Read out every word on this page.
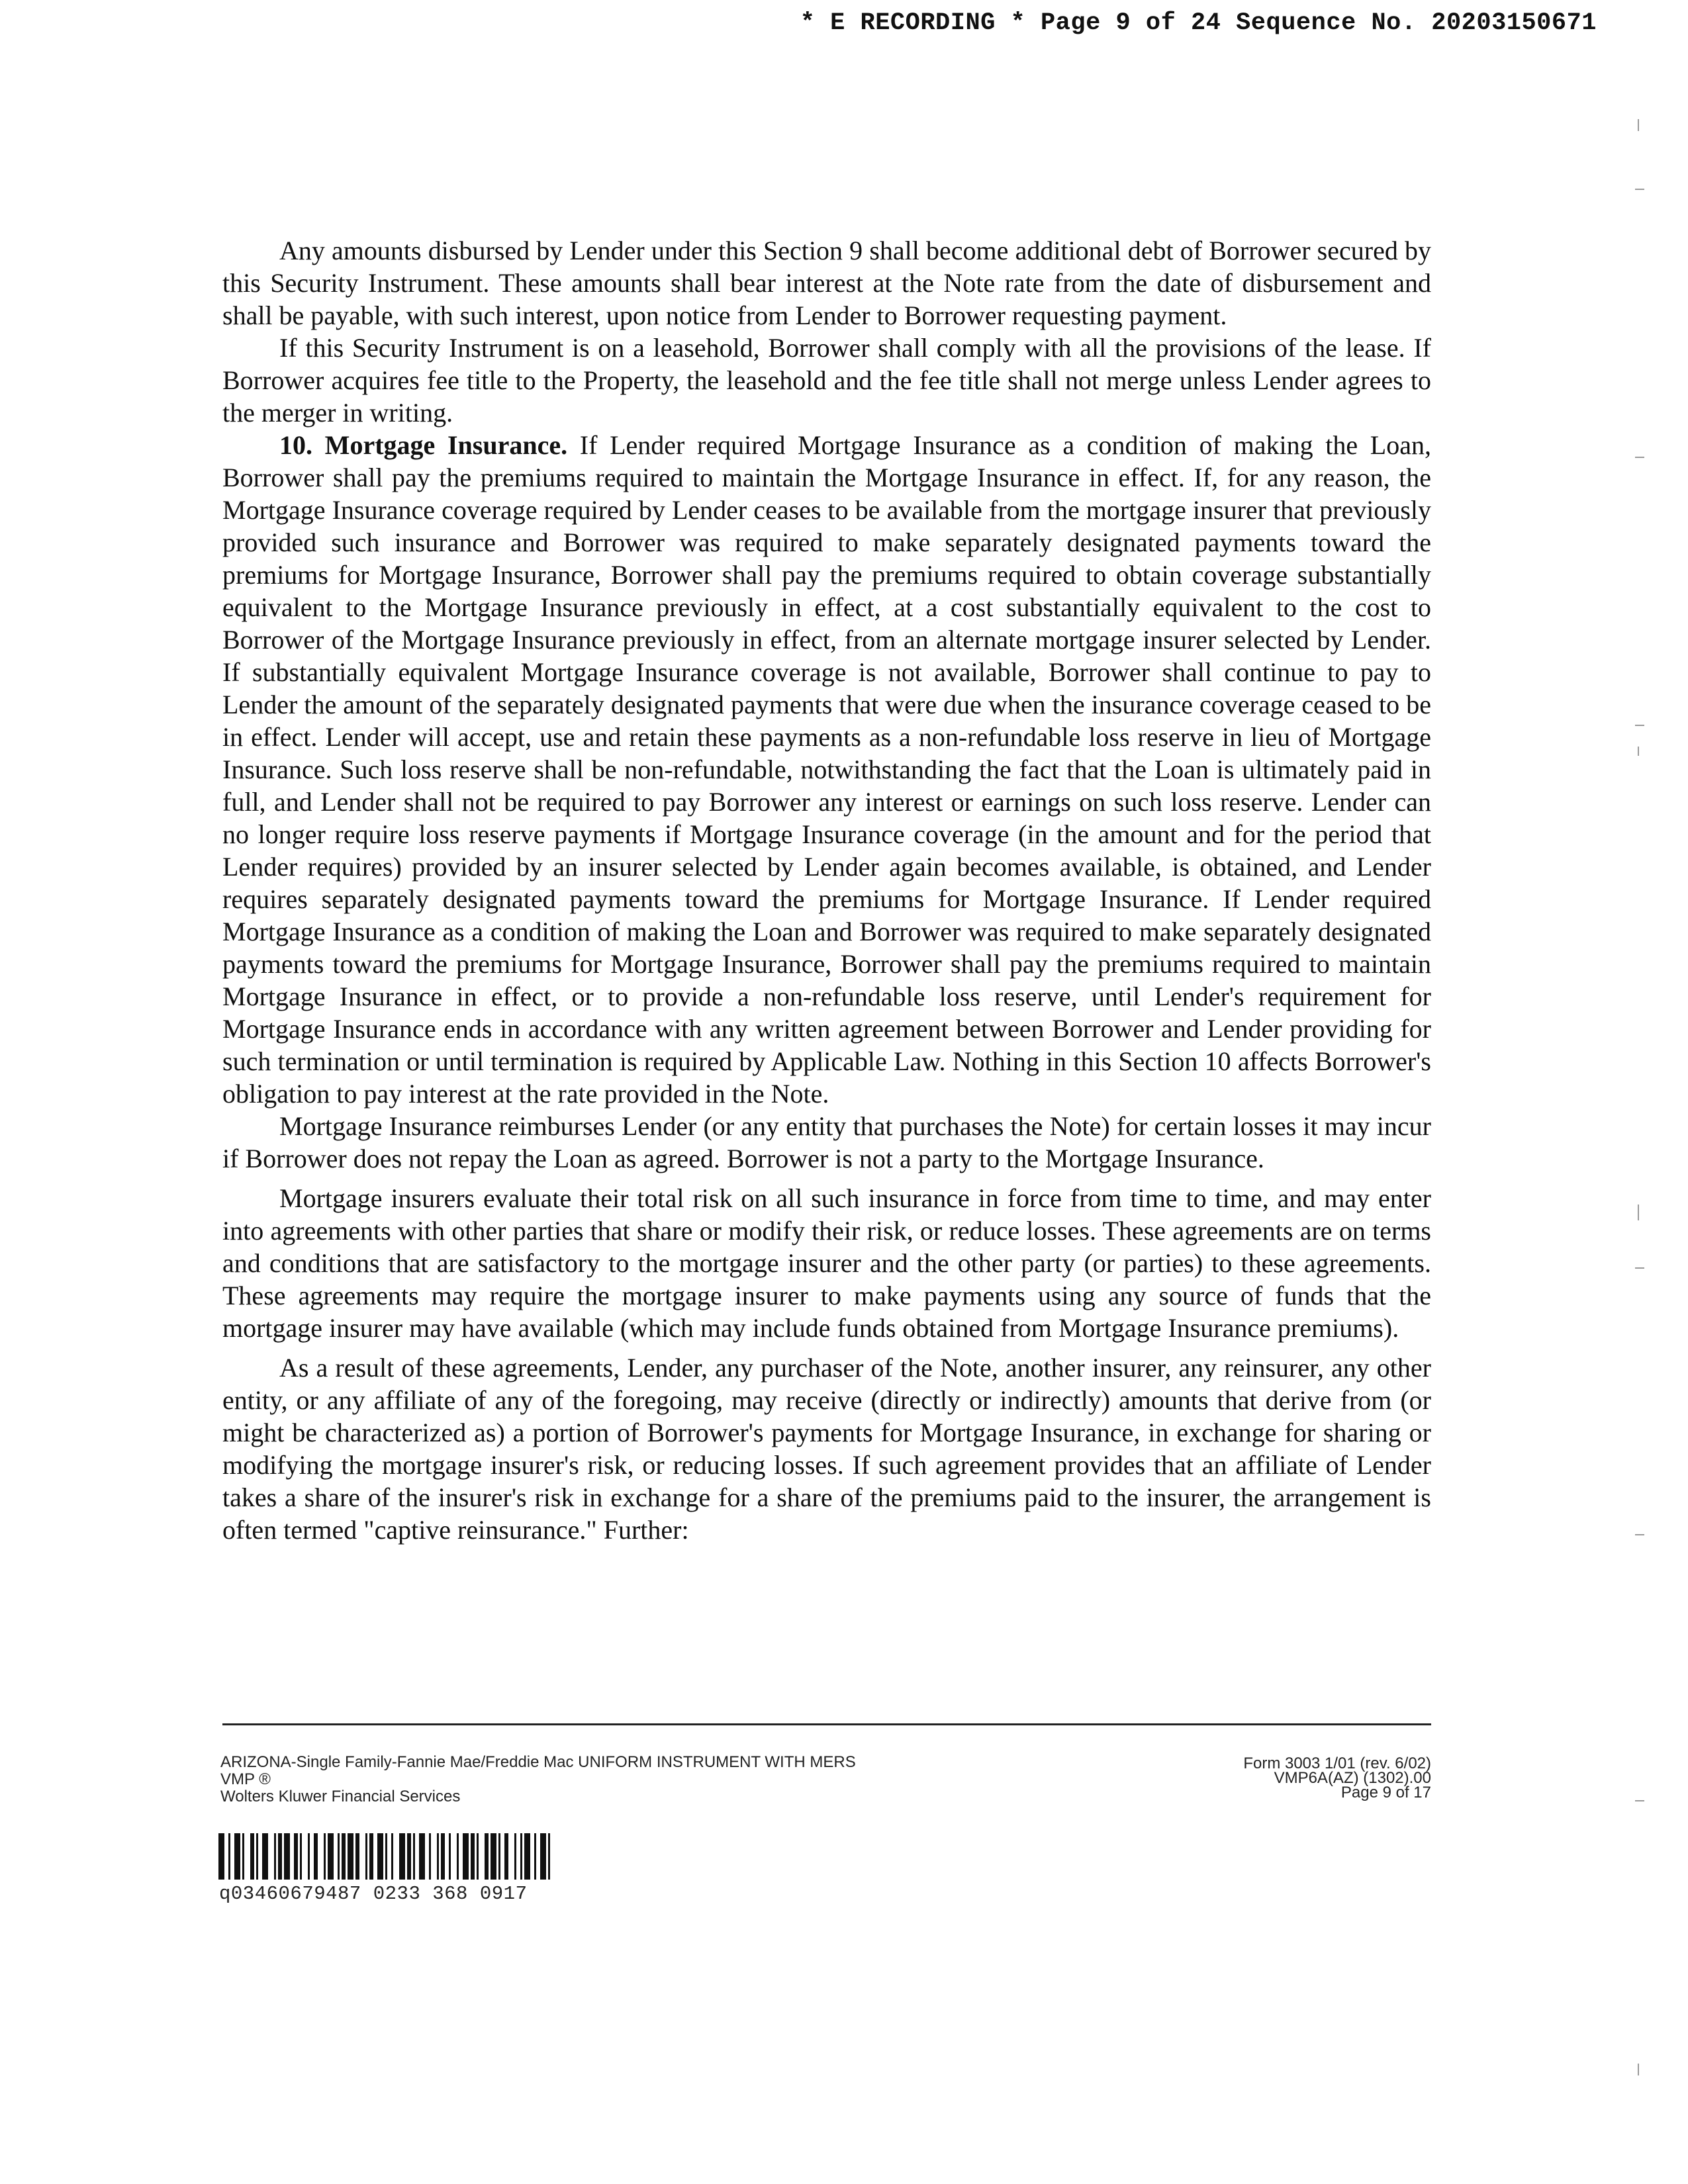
* E RECORDING * Page 9 of 24 Sequence No. 20203150671

Any amounts disbursed by Lender under this Section 9 shall become additional debt of Borrower secured by this Security Instrument. These amounts shall bear interest at the Note rate from the date of disbursement and shall be payable, with such interest, upon notice from Lender to Borrower requesting payment.

If this Security Instrument is on a leasehold, Borrower shall comply with all the provisions of the lease. If Borrower acquires fee title to the Property, the leasehold and the fee title shall not merge unless Lender agrees to the merger in writing.

10. Mortgage Insurance. If Lender required Mortgage Insurance as a condition of making the Loan, Borrower shall pay the premiums required to maintain the Mortgage Insurance in effect. If, for any reason, the Mortgage Insurance coverage required by Lender ceases to be available from the mortgage insurer that previously provided such insurance and Borrower was required to make separately designated payments toward the premiums for Mortgage Insurance, Borrower shall pay the premiums required to obtain coverage substantially equivalent to the Mortgage Insurance previously in effect, at a cost substantially equivalent to the cost to Borrower of the Mortgage Insurance previously in effect, from an alternate mortgage insurer selected by Lender. If substantially equivalent Mortgage Insurance coverage is not available, Borrower shall continue to pay to Lender the amount of the separately designated payments that were due when the insurance coverage ceased to be in effect. Lender will accept, use and retain these payments as a non-refundable loss reserve in lieu of Mortgage Insurance. Such loss reserve shall be non-refundable, notwithstanding the fact that the Loan is ultimately paid in full, and Lender shall not be required to pay Borrower any interest or earnings on such loss reserve. Lender can no longer require loss reserve payments if Mortgage Insurance coverage (in the amount and for the period that Lender requires) provided by an insurer selected by Lender again becomes available, is obtained, and Lender requires separately designated payments toward the premiums for Mortgage Insurance. If Lender required Mortgage Insurance as a condition of making the Loan and Borrower was required to make separately designated payments toward the premiums for Mortgage Insurance, Borrower shall pay the premiums required to maintain Mortgage Insurance in effect, or to provide a non-refundable loss reserve, until Lender's requirement for Mortgage Insurance ends in accordance with any written agreement between Borrower and Lender providing for such termination or until termination is required by Applicable Law. Nothing in this Section 10 affects Borrower's obligation to pay interest at the rate provided in the Note.

Mortgage Insurance reimburses Lender (or any entity that purchases the Note) for certain losses it may incur if Borrower does not repay the Loan as agreed. Borrower is not a party to the Mortgage Insurance.

Mortgage insurers evaluate their total risk on all such insurance in force from time to time, and may enter into agreements with other parties that share or modify their risk, or reduce losses. These agreements are on terms and conditions that are satisfactory to the mortgage insurer and the other party (or parties) to these agreements. These agreements may require the mortgage insurer to make payments using any source of funds that the mortgage insurer may have available (which may include funds obtained from Mortgage Insurance premiums).

As a result of these agreements, Lender, any purchaser of the Note, another insurer, any reinsurer, any other entity, or any affiliate of any of the foregoing, may receive (directly or indirectly) amounts that derive from (or might be characterized as) a portion of Borrower's payments for Mortgage Insurance, in exchange for sharing or modifying the mortgage insurer's risk, or reducing losses. If such agreement provides that an affiliate of Lender takes a share of the insurer's risk in exchange for a share of the premiums paid to the insurer, the arrangement is often termed "captive reinsurance." Further:

ARIZONA-Single Family-Fannie Mae/Freddie Mac UNIFORM INSTRUMENT WITH MERS
VMP ®
Wolters Kluwer Financial Services
Form 3003 1/01 (rev. 6/02)
VMP6A(AZ) (1302).00
Page 9 of 17
q03460679487 0233 368 0917
